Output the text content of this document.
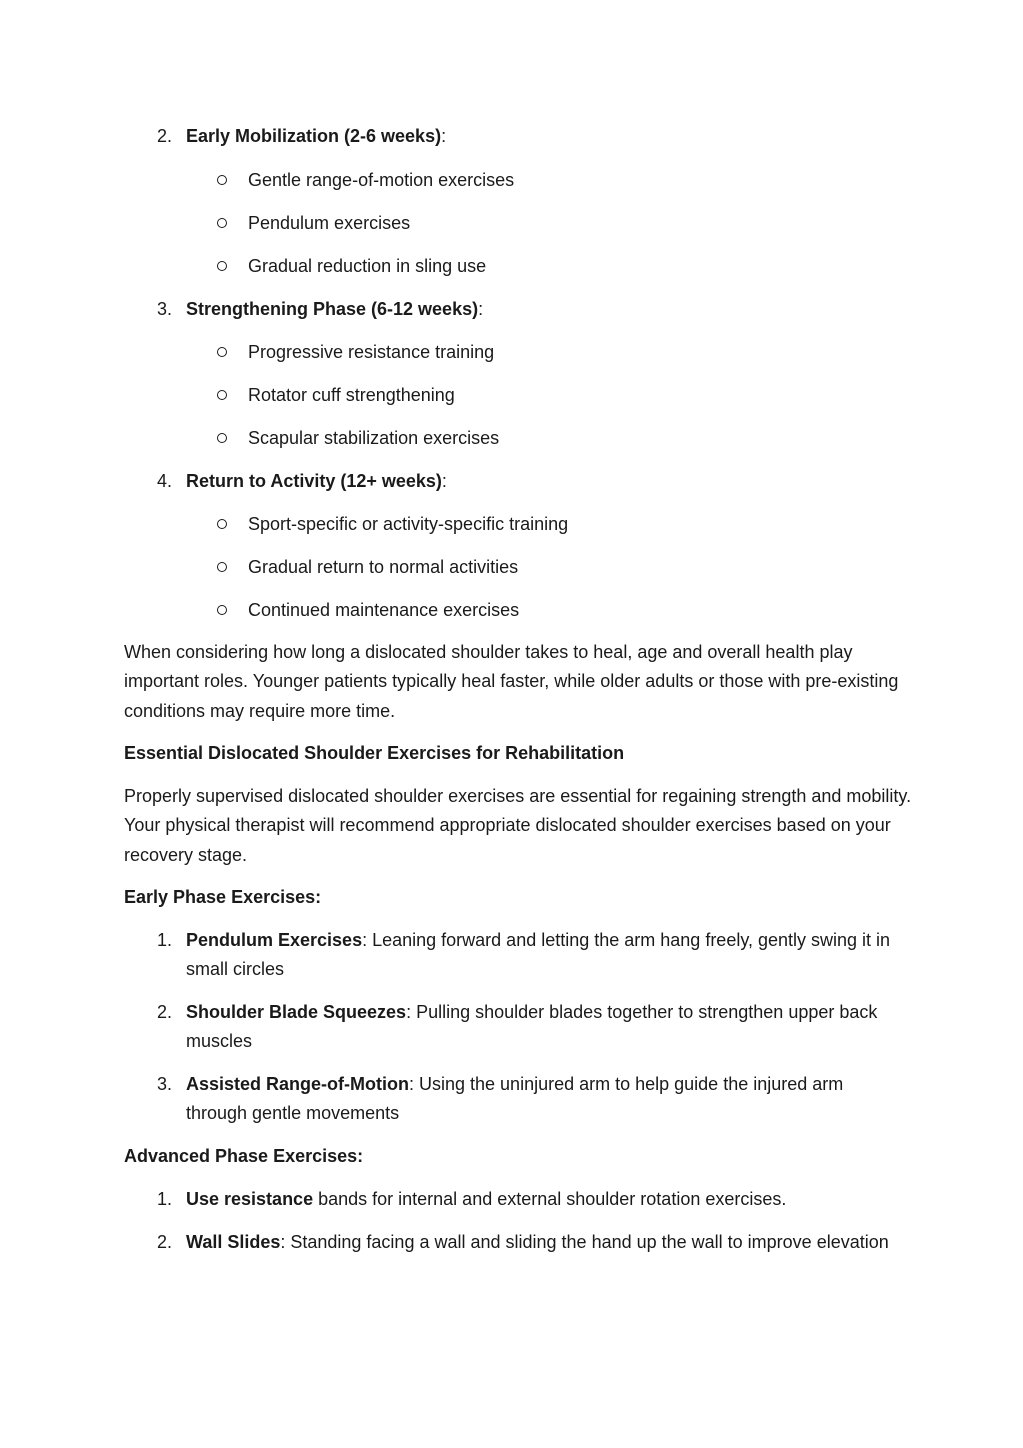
2. Early Mobilization (2-6 weeks):
Gentle range-of-motion exercises
Pendulum exercises
Gradual reduction in sling use
3. Strengthening Phase (6-12 weeks):
Progressive resistance training
Rotator cuff strengthening
Scapular stabilization exercises
4. Return to Activity (12+ weeks):
Sport-specific or activity-specific training
Gradual return to normal activities
Continued maintenance exercises
When considering how long a dislocated shoulder takes to heal, age and overall health play important roles. Younger patients typically heal faster, while older adults or those with pre-existing conditions may require more time.
Essential Dislocated Shoulder Exercises for Rehabilitation
Properly supervised dislocated shoulder exercises are essential for regaining strength and mobility. Your physical therapist will recommend appropriate dislocated shoulder exercises based on your recovery stage.
Early Phase Exercises:
1. Pendulum Exercises: Leaning forward and letting the arm hang freely, gently swing it in small circles
2. Shoulder Blade Squeezes: Pulling shoulder blades together to strengthen upper back muscles
3. Assisted Range-of-Motion: Using the uninjured arm to help guide the injured arm through gentle movements
Advanced Phase Exercises:
1. Use resistance bands for internal and external shoulder rotation exercises.
2. Wall Slides: Standing facing a wall and sliding the hand up the wall to improve elevation
